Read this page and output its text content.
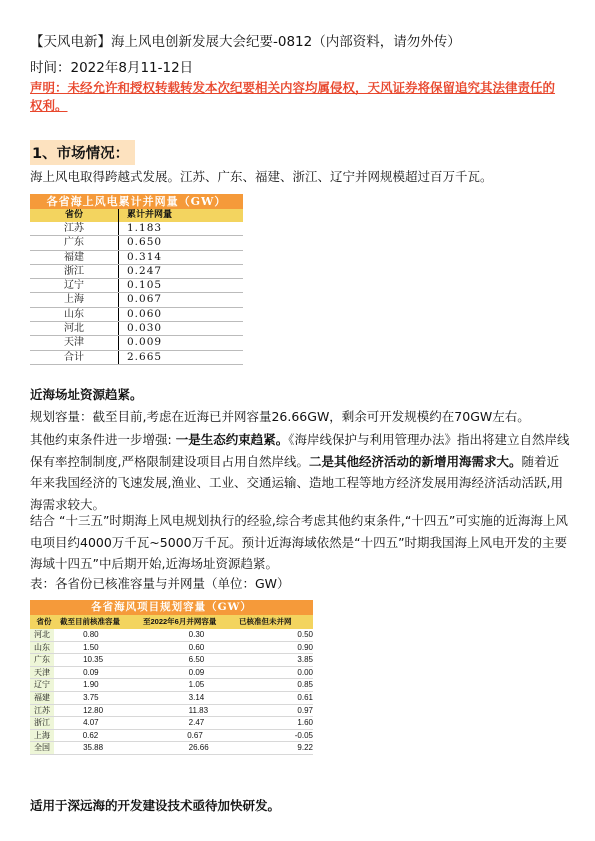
【天风电新】海上风电创新发展大会纪要-0812（内部资料，请勿外传）
时间：2022年8月11-12日
声明：未经允许和授权转载转发本次纪要相关内容均属侵权，天风证券将保留追究其法律责任的权利。
1、市场情况：
海上风电取得跨越式发展。江苏、广东、福建、浙江、辽宁并网规模超过百万千瓦。
各省海上风电累计并网量（GW）
省份	累计并网量
江苏	1.183
广东	0.650
福建	0.314
浙江	0.247
辽宁	0.105
上海	0.067
山东	0.060
河北	0.030
天津	0.009
合计	2.665
近海场址资源趋紧。
规划容量：截至目前,考虑在近海已并网容量26.66GW，剩余可开发规模约在70GW左右。
其他约束条件进一步增强: 一是生态约束趋紧。《海岸线保护与利用管理办法》指出将建立自然岸线保有率控制制度,严格限制建设项目占用自然岸线。二是其他经济活动的新增用海需求大。随着近年来我国经济的飞速发展,渔业、工业、交通运输、造地工程等地方经济发展用海经济活动活跃,用海需求较大。
结合 “十三五”时期海上风电规划执行的经验,综合考虑其他约束条件,“十四五”可实施的近海海上风电项目约4000万千瓦~5000万千瓦。预计近海海域依然是“十四五”时期我国海上风电开发的主要海域十四五”中后期开始,近海场址资源趋紧。
表：各省份已核准容量与并网量（单位：GW）
各省海风项目规划容量（GW）
省份	截至目前核准容量	至2022年6月并网容量	已核准但未并网
河北	0.80	0.30	0.50
山东	1.50	0.60	0.90
广东	10.35	6.50	3.85
天津	0.09	0.09	0.00
辽宁	1.90	1.05	0.85
福建	3.75	3.14	0.61
江苏	12.80	11.83	0.97
浙江	4.07	2.47	1.60
上海	0.62	0.67	-0.05
全国	35.88	26.66	9.22
适用于深远海的开发建设技术亟待加快研发。
